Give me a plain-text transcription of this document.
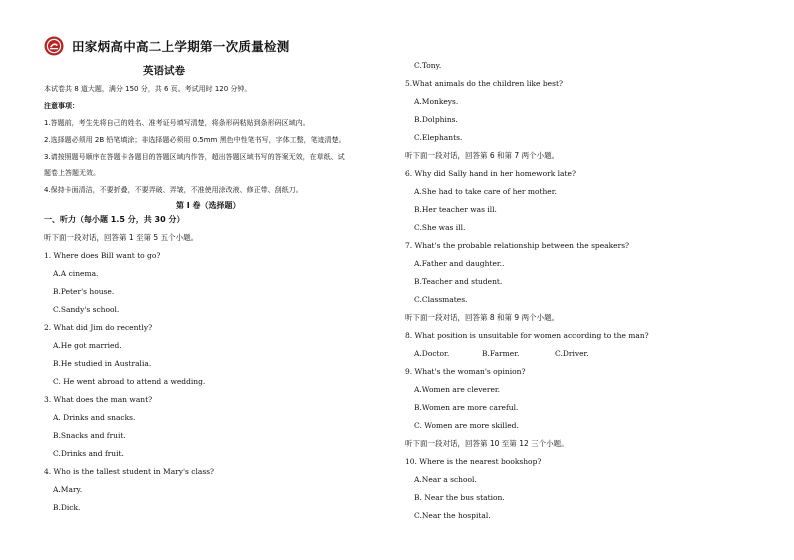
田家炳高中高二上学期第一次质量检测
英语试卷
本试卷共 8 道大题，满分 150 分，共 6 页。考试用时 120 分钟。
注意事项：
1.答题前，考生先将自己的姓名、准考证号填写清楚，将条形码粘贴到条形码区域内。
2.选择题必须用 2B 铅笔填涂；非选择题必须用 0.5mm 黑色中性笔书写，字体工整，笔迹清楚。
3.请按照题号顺序在答题卡各题目的答题区域内作答，超出答题区域书写的答案无效，在草纸、试
题卷上答题无效。
4.保持卡面清洁，不要折叠，不要弄破、弄皱，不准使用涂改液、修正带、刮纸刀。
第 I 卷（选择题）
一、听力（每小题 1.5 分，共 30 分）
听下面一段对话，回答第 1 至第 5 五个小题。
1. Where does Bill want to go?
A.A cinema.
B.Peter's house.
C.Sandy's school.
2. What did Jim do recently?
A.He got married.
B.He studied in Australia.
C. He went abroad to attend a wedding.
3. What does the man want?
A. Drinks and snacks.
B.Snacks and fruit.
C.Drinks and fruit.
4. Who is the tallest student in Mary's class?
A.Mary.
B.Dick.
C.Tony.
5.What animals do the children like best?
A.Monkeys.
B.Dolphins.
C.Elephants.
听下面一段对话，回答第 6 和第 7 两个小题。
6. Why did Sally hand in her homework late?
A.She had to take care of her mother.
B.Her teacher was ill.
C.She was ill.
7. What's the probable relationship between the speakers?
A.Father and daughter..
B.Teacher and student.
C.Classmates.
听下面一段对话，回答第 8 和第 9 两个小题。
8. What position is unsuitable for women according to the man?
A.Doctor.	B.Farmer.	C.Driver.
9. What's the woman's opinion?
A.Women are cleverer.
B.Women are more careful.
C. Women are more skilled.
听下面一段对话，回答第 10 至第 12 三个小题。
10. Where is the nearest bookshop?
A.Near a school.
B. Near the bus station.
C.Near the hospital.
